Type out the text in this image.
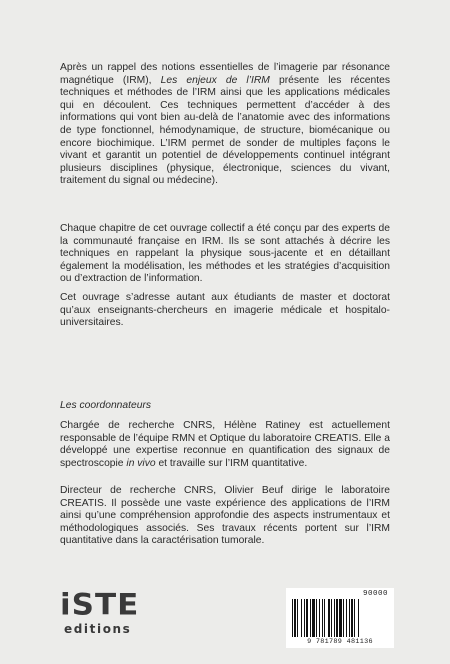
Après un rappel des notions essentielles de l’imagerie par résonance magnétique (IRM), Les enjeux de l’IRM présente les récentes techniques et méthodes de l’IRM ainsi que les applications médicales qui en découlent. Ces techniques permettent d’accéder à des informations qui vont bien au-delà de l’anatomie avec des informations de type fonctionnel, hémodynamique, de structure, biomécanique ou encore biochimique. L’IRM permet de sonder de multiples façons le vivant et garantit un potentiel de développements continuel intégrant plusieurs disciplines (physique, électronique, sciences du vivant, traitement du signal ou médecine).

Chaque chapitre de cet ouvrage collectif a été conçu par des experts de la communauté française en IRM. Ils se sont attachés à décrire les techniques en rappelant la physique sous-jacente et en détaillant également la modélisation, les méthodes et les stratégies d’acquisition ou d’extraction de l’information.

Cet ouvrage s’adresse autant aux étudiants de master et doctorat qu’aux enseignants-chercheurs en imagerie médicale et hospitalo-universitaires.

Les coordonnateurs

Chargée de recherche CNRS, Hélène Ratiney est actuellement responsable de l’équipe RMN et Optique du laboratoire CREATIS. Elle a développé une expertise reconnue en quantification des signaux de spectroscopie in vivo et travaille sur l’IRM quantitative.

Directeur de recherche CNRS, Olivier Beuf dirige le laboratoire CREATIS. Il possède une vaste expérience des applications de l’IRM ainsi qu’une compréhension approfondie des aspects instrumentaux et méthodologiques associés. Ses travaux récents portent sur l’IRM quantitative dans la caractérisation tumorale.

iSTE
editions
90000
9 781789 481136
